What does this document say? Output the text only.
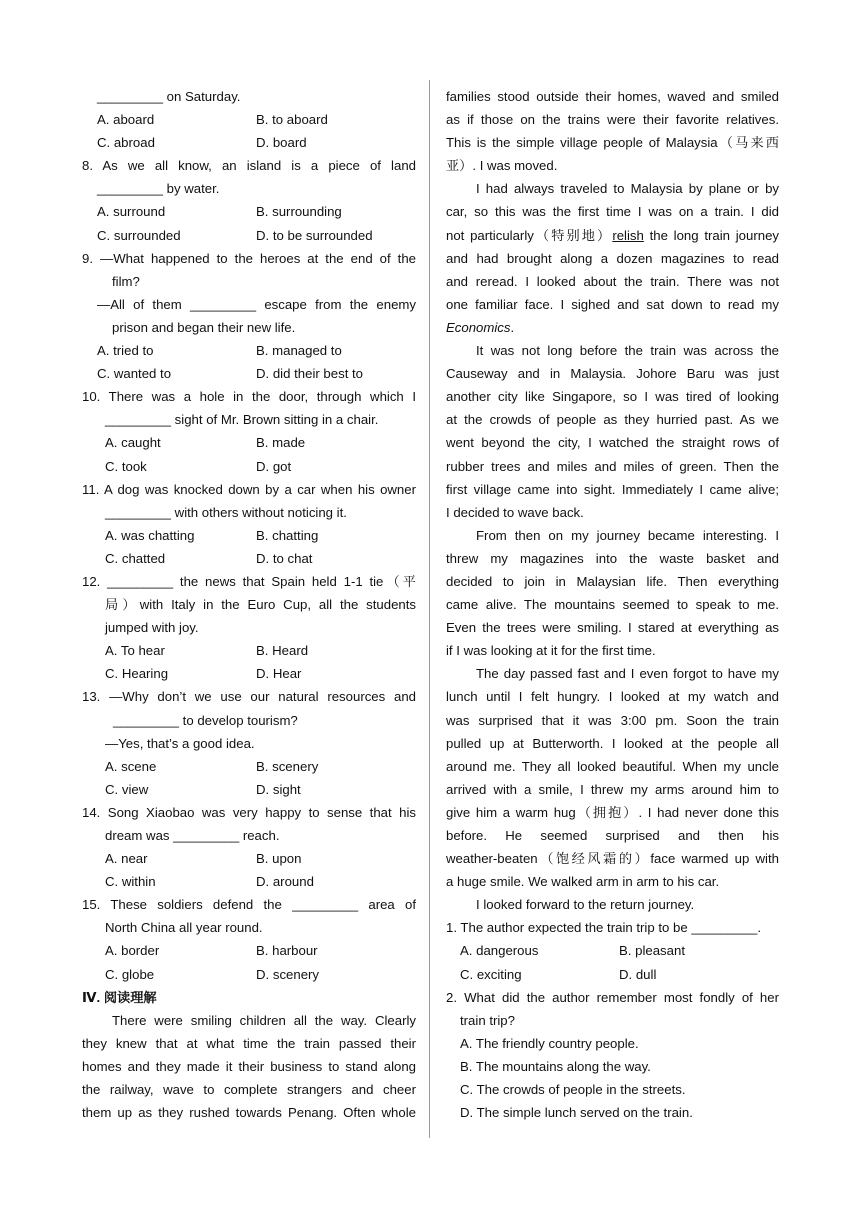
_________ on Saturday.
A. aboard	B. to aboard
C. abroad	D. board
8. As we all know, an island is a piece of land
_________ by water.
A. surround	B. surrounding
C. surrounded	D. to be surrounded
9. —What happened to the heroes at the end of the
film?
—All of them _________ escape from the enemy
prison and began their new life.
A. tried to	B. managed to
C. wanted to	D. did their best to
10. There was a hole in the door, through which I
_________ sight of Mr. Brown sitting in a chair.
A. caught	B. made
C. took	D. got
11. A dog was knocked down by a car when his owner
_________ with others without noticing it.
A. was chatting	B. chatting
C. chatted	D. to chat
12. _________ the news that Spain held 1-1 tie（平
局）with Italy in the Euro Cup, all the students
jumped with joy.
A. To hear	B. Heard
C. Hearing	D. Hear
13. —Why don’t we use our natural resources and
_________ to develop tourism?
—Yes, that’s a good idea.
A. scene	B. scenery
C. view	D. sight
14. Song Xiaobao was very happy to sense that his
dream was _________ reach.
A. near	B. upon
C. within	D. around
15. These soldiers defend the _________ area of
North China all year round.
A. border	B. harbour
C. globe	D. scenery
Ⅳ. 阅读理解
There were smiling children all the way. Clearly
they knew that at what time the train passed their
homes and they made it their business to stand along
the railway, wave to complete strangers and cheer
them up as they rushed towards Penang. Often whole
families stood outside their homes, waved and smiled
as if those on the trains were their favorite relatives.
This is the simple village people of Malaysia（马来西
亚）. I was moved.
I had always traveled to Malaysia by plane or by
car, so this was the first time I was on a train. I did
not particularly（特别地）relish the long train journey
and had brought along a dozen magazines to read
and reread. I looked about the train. There was not
one familiar face. I sighed and sat down to read my
Economics.
It was not long before the train was across the
Causeway and in Malaysia. Johore Baru was just
another city like Singapore, so I was tired of looking
at the crowds of people as they hurried past. As we
went beyond the city, I watched the straight rows of
rubber trees and miles and miles of green. Then the
first village came into sight. Immediately I came alive;
I decided to wave back.
From then on my journey became interesting. I
threw my magazines into the waste basket and
decided to join in Malaysian life. Then everything
came alive. The mountains seemed to speak to me.
Even the trees were smiling. I stared at everything as
if I was looking at it for the first time.
The day passed fast and I even forgot to have my
lunch until I felt hungry. I looked at my watch and
was surprised that it was 3:00 pm. Soon the train
pulled up at Butterworth. I looked at the people all
around me. They all looked beautiful. When my uncle
arrived with a smile, I threw my arms around him to
give him a warm hug（拥抱）. I had never done this
before. He seemed surprised and then his
weather-beaten（饱经风霜的）face warmed up with
a huge smile. We walked arm in arm to his car.
I looked forward to the return journey.
1. The author expected the train trip to be _________.
A. dangerous	B. pleasant
C. exciting	D. dull
2. What did the author remember most fondly of her
train trip?
A. The friendly country people.
B. The mountains along the way.
C. The crowds of people in the streets.
D. The simple lunch served on the train.
